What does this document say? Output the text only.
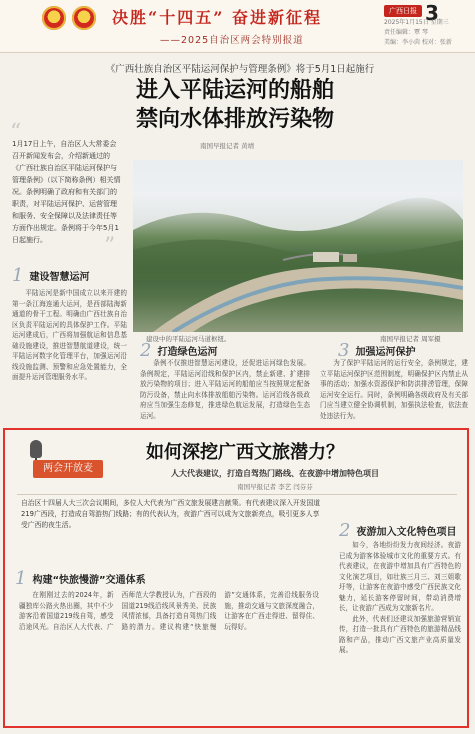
决胜“十四五” 奋进新征程
——2025自治区两会特别报道
广西日报 3
2025年1月15日 星期三
责任编辑：覃 琴
美编：李小茵 校对：张新
《广西壮族自治区平陆运河保护与管理条例》将于5月1日起施行
进入平陆运河的船舶
禁向水体排放污染物
南国早报记者 黄靖
“
1月17日上午，自治区人大常委会召开新闻发布会，介绍新通过的《广西壮族自治区平陆运河保护与管理条例》（以下简称条例）相关情况。条例明确了政府和有关部门的职责，对平陆运河保护、运营管理和服务、安全保障以及法律责任等方面作出规定。条例将于今年5月1日起施行。	”
建设中的平陆运河马道枢纽。	南国早报记者 周军摄
1 建设智慧运河
平陆运河是新中国成立以来开建的第一条江海连通大运河，是西部陆海新通道的骨干工程。明确由广西壮族自治区负责平陆运河的具体保护工作。平陆运河建成后，广西将加强航运和信息基础设施建设，推进智慧航道建设，统一平陆运河数字化管理平台，加强运河沿线设施监测、预警和应急处置能力，全面提升运河管理服务水平。
2 打造绿色运河
条例不仅推进智慧运河建设，还促进运河绿色发展。条例规定，平陆运河沿线和保护区内，禁止新建、扩建排放污染物的项目；进入平陆运河的船舶应当按照规定配备防污设备，禁止向水体排放船舶污染物。运河沿线各级政府应当加强生态修复，推进绿色航运发展，打造绿色生态运河。
3 加强运河保护
为了保护平陆运河的运行安全，条例规定，建立平陆运河保护区范围制度，明确保护区内禁止从事的活动；加强水资源保护和防洪排涝管理，保障运河安全运行。同时，条例明确各级政府及有关部门应当建立健全协调机制，加强执法检查，依法查处违法行为。
两会开放麦
如何深挖广西文旅潜力？
人大代表建议，打造自驾热门路线、在夜游中增加特色项目
南国早报记者 李艺 闫芬芬
自治区十四届人大三次会议期间，多位人大代表为广西文旅发展建言献策。有代表建议深入开发国道219广西段，打造成自驾游热门线路；有的代表认为，夜游广西可以成为文旅新亮点，吸引更多人享受广西的夜生活。
1 构建“快旅慢游”交通体系
在刚刚过去的2024年，新疆独库公路火热出圈，其中不少游客沿着国道219线自驾，感受沿途风光。自治区人大代表、广西师范大学教授认为，广西段的国道219线沿线风景秀美、民族风情浓郁，具备打造自驾热门线路的潜力。建议构建“快旅慢游”交通体系，完善沿线服务设施，推动交通与文旅深度融合，让游客在广西走得进、留得住、玩得好。
2 夜游加入文化特色项目
如今，各地纷纷发力夜间经济。夜游已成为游客体验城市文化的重要方式。有代表建议，在夜游中增加具有广西特色的文化演艺项目，如壮族三月三、刘三姐歌圩等，让游客在夜游中感受广西民族文化魅力，延长游客停留时间，带动消费增长，让夜游广西成为文旅新名片。
此外，代表们还建议加强旅游营销宣传，打造一批具有广西特色的旅游精品线路和产品，推动广西文旅产业高质量发展。
